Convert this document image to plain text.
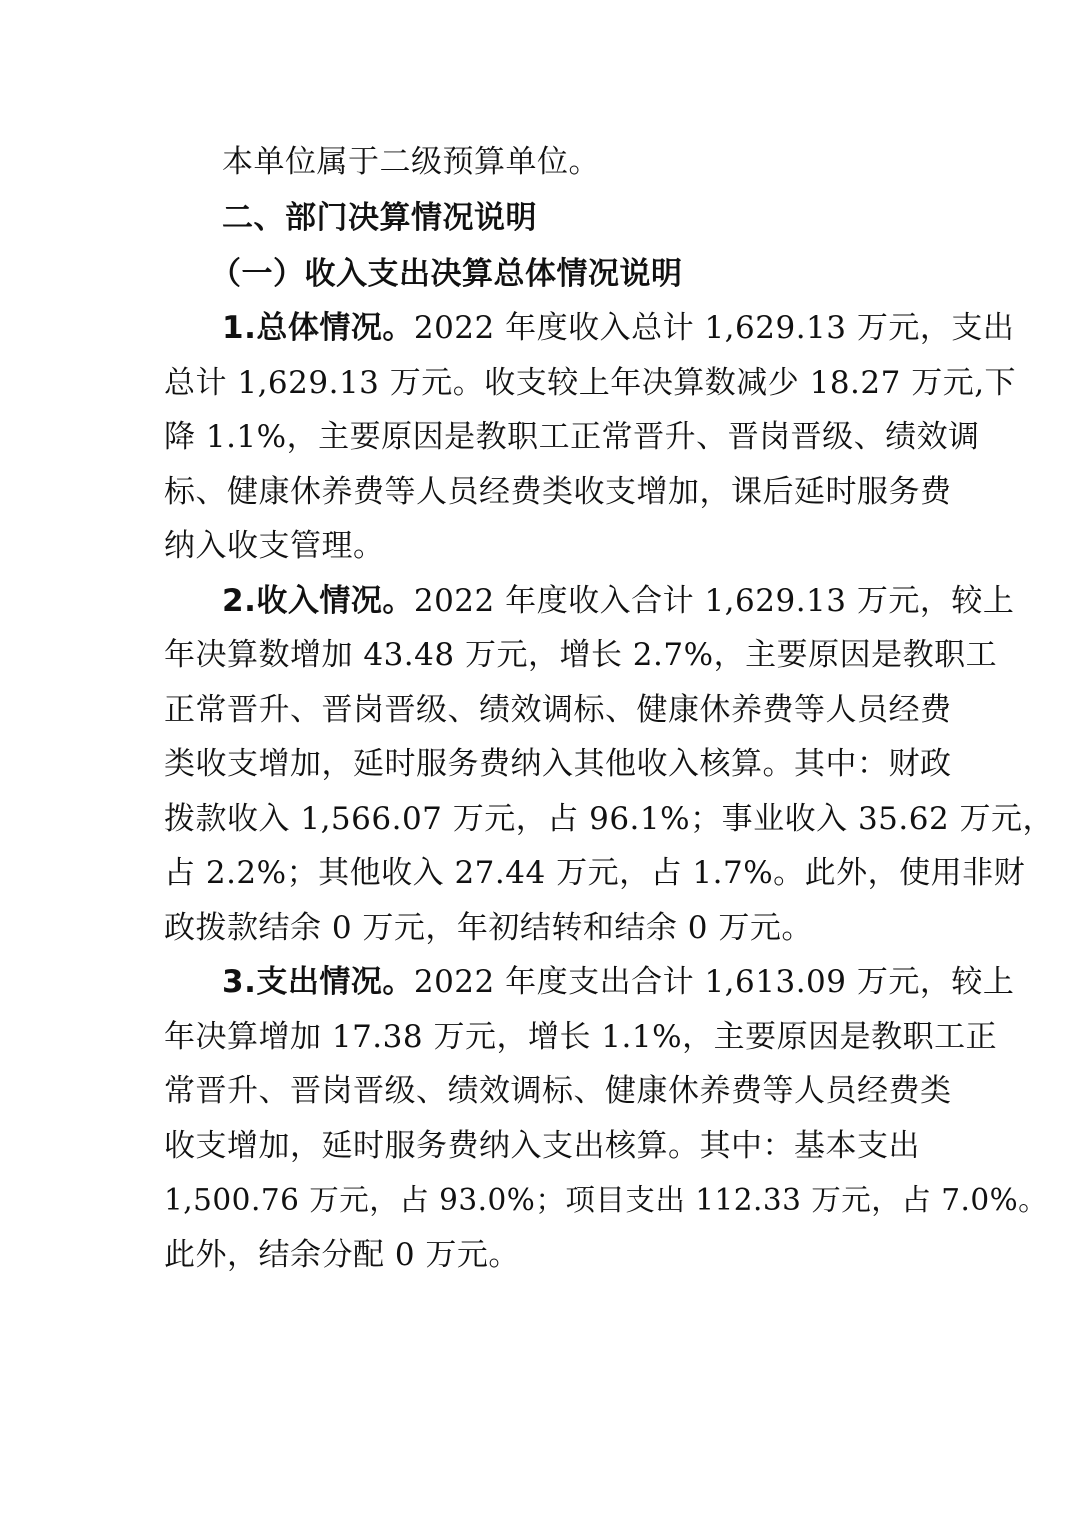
本单位属于二级预算单位。
二、部门决算情况说明
（一）收入支出决算总体情况说明
1.总体情况。2022 年度收入总计 1,629.13 万元，支出
总计 1,629.13 万元。收支较上年决算数减少 18.27 万元,下
降 1.1%，主要原因是教职工正常晋升、晋岗晋级、绩效调
标、健康休养费等人员经费类收支增加，课后延时服务费
纳入收支管理。
2.收入情况。2022 年度收入合计 1,629.13 万元，较上
年决算数增加 43.48 万元，增长 2.7%，主要原因是教职工
正常晋升、晋岗晋级、绩效调标、健康休养费等人员经费
类收支增加，延时服务费纳入其他收入核算。其中：财政
拨款收入 1,566.07 万元，占 96.1%；事业收入 35.62 万元，
占 2.2%；其他收入 27.44 万元，占 1.7%。此外，使用非财
政拨款结余 0 万元，年初结转和结余 0 万元。
3.支出情况。2022 年度支出合计 1,613.09 万元，较上
年决算增加 17.38 万元，增长 1.1%，主要原因是教职工正
常晋升、晋岗晋级、绩效调标、健康休养费等人员经费类
收支增加，延时服务费纳入支出核算。其中：基本支出
1,500.76 万元，占 93.0%；项目支出 112.33 万元，占 7.0%。
此外，结余分配 0 万元。
